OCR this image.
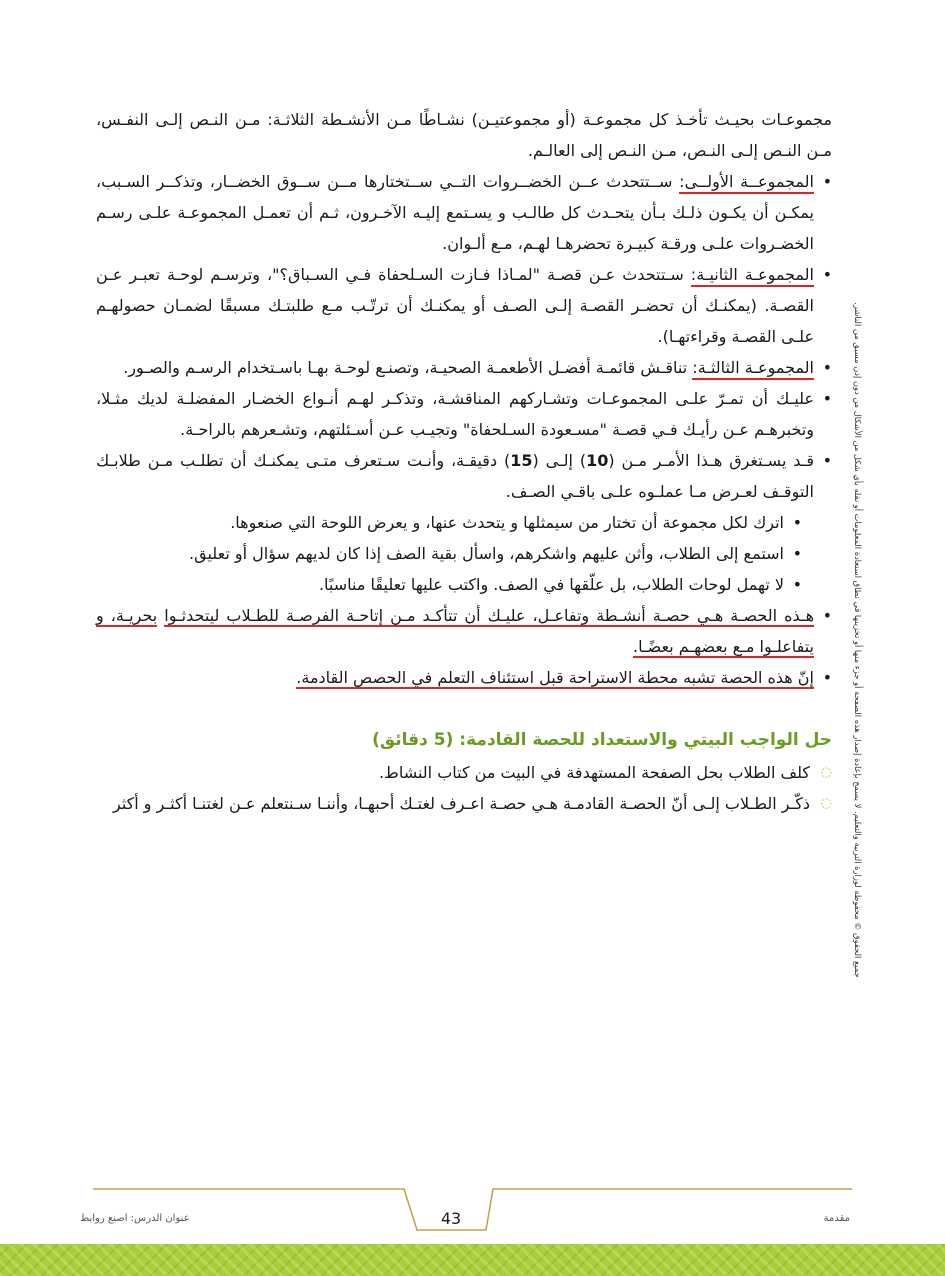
مجموعـات بحيـث تأخـذ كل مجموعـة (أو مجموعتيـن) نشـاطًا مـن الأنشـطة الثلاثـة: مـن النـص إلـى النفـس، مـن النـص إلـى النـص، مـن النـص إلى العالـم.

• المجموعــة الأولــى: ســتتحدث عــن الخضــروات التــي ســتختارها مــن ســوق الخضــار، وتذكــر السـبب، يمكـن أن يكـون ذلـك بـأن يتحـدث كل طالـب و يسـتمع إليـه الآخـرون، ثـم أن تعمـل المجموعـة علـى رسـم الخضـروات علـى ورقـة كبيـرة تحضرهـا لهـم، مـع ألـوان.
• المجموعـة الثانيـة: سـتتحدث عـن قصـة "لمـاذا فـازت السـلحفاة فـي السـباق؟"، وترسـم لوحـة تعبـر عـن القصـة. (يمكنـك أن تحضـر القصـة إلـى الصـف أو يمكنـك أن ترتّـب مـع طلبتـك مسبقًا لضمـان حصولهـم علـى القصـة وقراءتهـا).
• المجموعـة الثالثـة: تناقـش قائمـة أفضـل الأطعمـة الصحيـة، وتصنـع لوحـة بهـا باسـتخدام الرسـم والصـور.
• عليـك أن تمـرّ علـى المجموعـات وتشـاركهم المناقشـة، وتذكـر لهـم أنـواع الخضـار المفضلـة لديك مثـلا، وتخبرهـم عـن رأيـك فـي قصـة "مسـعودة السـلحفاة" وتجيـب عـن أسـئلتهم، وتشـعرهم بالراحـة.
• قـد يسـتغرق هـذا الأمـر مـن (10) إلـى (15) دقيقـة، وأنـت سـتعرف متـى يمكنـك أن تطلـب مـن طلابـك التوقـف لعـرض مـا عملـوه علـى باقـي الصـف.
• اترك لكل مجموعة أن تختار من سيمثلها و يتحدث عنها، و يعرض اللوحة التي صنعوها.
• استمع إلى الطلاب، وأثن عليهم واشكرهم، واسأل بقية الصف إذا كان لديهم سؤال أو تعليق.
• لا تهمل لوحات الطلاب، بل علّقها في الصف. واكتب عليها تعليقًا مناسبًا.
• هـذه الحصـة هـي حصـة أنشـطة وتفاعـل، عليـك أن تتأكـد مـن إتاحـة الفرصـة للطـلاب ليتحدثـوا بحريـة، و يتفاعلـوا مـع بعضهـم بعضًـا.
• إنّ هذه الحصة تشبه محطة الاستراحة قبل استئناف التعلم في الحصص القادمة.
حل الواجب البيتي والاستعداد للحصة القادمة: (5 دقائق)
◌ كلف الطلاب بحل الصفحة المستهدفة في البيت من كتاب النشاط.
◌ ذكّـر الطـلاب إلـى أنّ الحصـة القادمـة هـي حصـة اعـرف لغتـك أحبهـا، وأننـا سـنتعلم عـن لغتنـا أكثـر و أكثر	جميع الحقوق © محفوظة لوزارة التربية والتعليم. لا يسمح بإعادة إصدار هذه الصفحة أو جزء منها أو تخزينها في نطاق استعادة المعلومات أو نقله بأي شكل من الأشكال من دون إذن مسبق من الناشر.
عنوان الدرس: اصنع روابط	43	مقدمة
